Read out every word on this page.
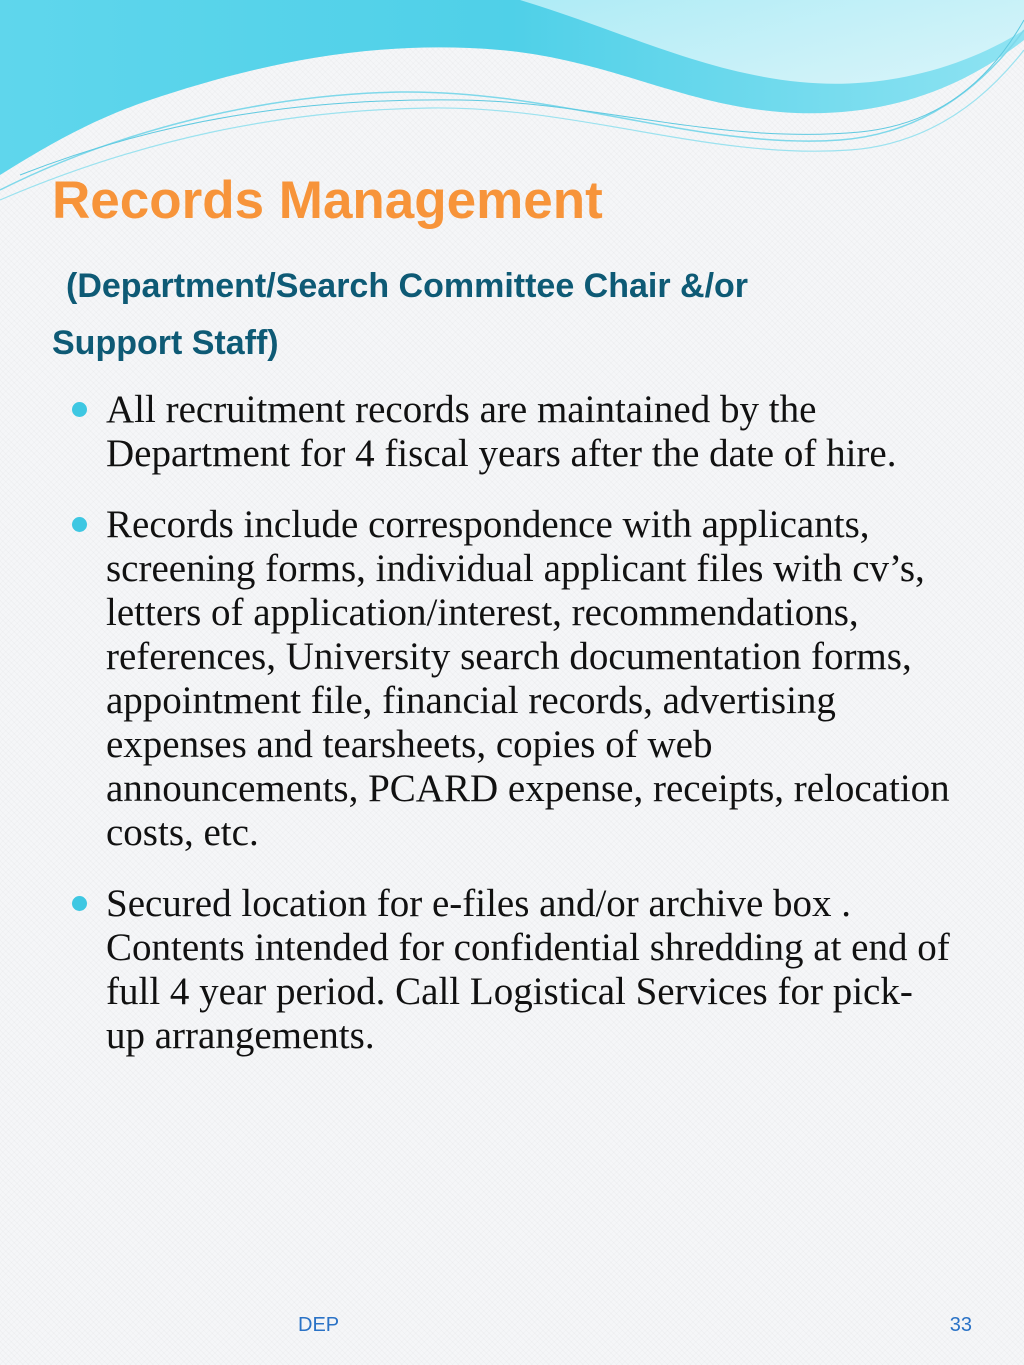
Records Management
(Department/Search Committee Chair &/or
Support Staff)
All recruitment records are maintained by the Department for 4 fiscal years after the date of hire.
Records include correspondence with applicants, screening forms, individual applicant files with cv’s, letters of application/interest, recommendations, references, University search documentation forms, appointment file, financial records, advertising expenses and tearsheets, copies of web announcements, PCARD expense, receipts, relocation costs, etc.
Secured location for e-files and/or archive box . Contents intended for confidential shredding at end of full 4 year period. Call Logistical Services for pick-up arrangements.
DEP	33
